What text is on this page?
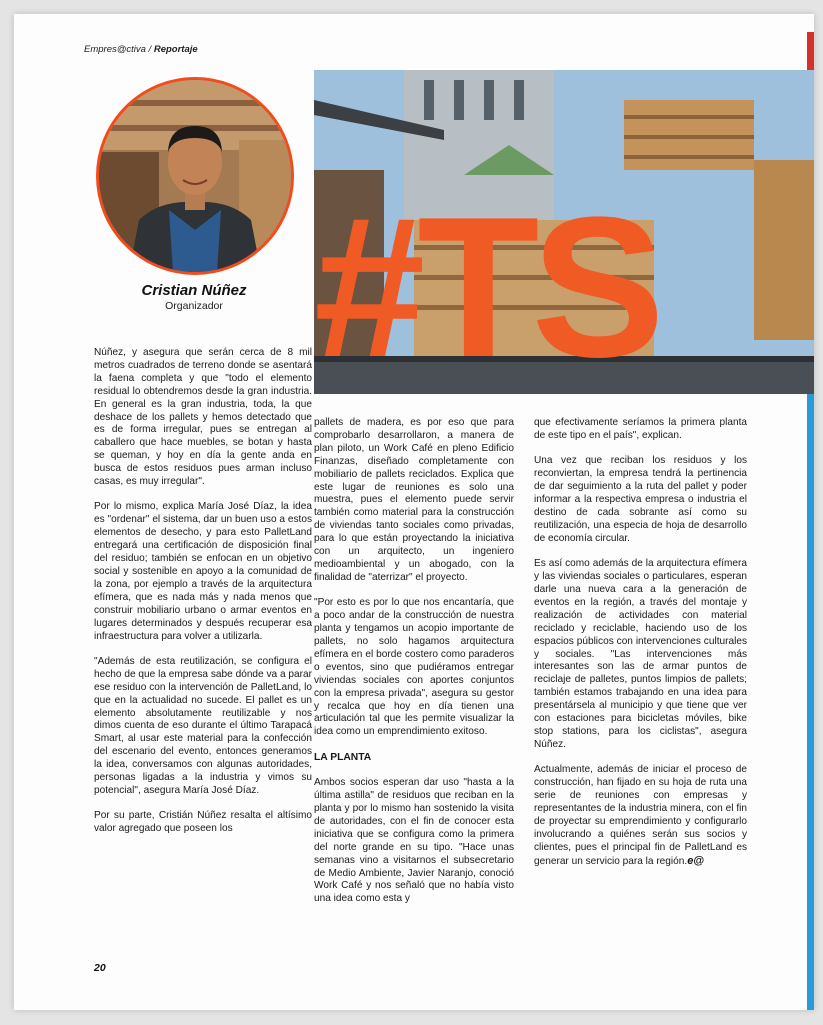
Empres@ctiva / Reportaje
Cristian Núñez
Organizador #TS

Núñez, y asegura que serán cerca de 8 mil metros cuadrados de terreno donde se asentará la faena completa y que "todo el elemento residual lo obtendremos desde la gran industria. En general es la gran industria, toda, la que deshace de los pallets y hemos detectado que es de forma irregular, pues se entregan al caballero que hace muebles, se botan y hasta se queman, y hoy en día la gente anda en busca de estos residuos pues arman incluso casas, es muy irregular".

Por lo mismo, explica María José Díaz, la idea es "ordenar" el sistema, dar un buen uso a estos elementos de desecho, y para esto PalletLand entregará una certificación de disposición final del residuo; también se enfocan en un objetivo social y sostenible en apoyo a la comunidad de la zona, por ejemplo a través de la arquitectura efímera, que es nada más y nada menos que construir mobiliario urbano o armar eventos en lugares determinados y después recuperar esa infraestructura para volver a utilizarla.

"Además de esta reutilización, se configura el hecho de que la empresa sabe dónde va a parar ese residuo con la intervención de PalletLand, lo que en la actualidad no sucede. El pallet es un elemento absolutamente reutilizable y nos dimos cuenta de eso durante el último Tarapacá Smart, al usar este material para la confección del escenario del evento, entonces generamos la idea, conversamos con algunas autoridades, personas ligadas a la industria y vimos su potencial", asegura María José Díaz.

Por su parte, Cristián Núñez resalta el altísimo valor agregado que poseen los

pallets de madera, es por eso que para comprobarlo desarrollaron, a manera de plan piloto, un Work Café en pleno Edificio Finanzas, diseñado completamente con mobiliario de pallets reciclados. Explica que este lugar de reuniones es solo una muestra, pues el elemento puede servir también como material para la construcción de viviendas tanto sociales como privadas, para lo que están proyectando la iniciativa con un arquitecto, un ingeniero medioambiental y un abogado, con la finalidad de "aterrizar" el proyecto.

"Por esto es por lo que nos encantaría, que a poco andar de la construcción de nuestra planta y tengamos un acopio importante de pallets, no solo hagamos arquitectura efímera en el borde costero como paraderos o eventos, sino que pudiéramos entregar viviendas sociales con aportes conjuntos con la empresa privada", asegura su gestor y recalca que hoy en día tienen una articulación tal que les permite visualizar la idea como un emprendimiento exitoso.

LA PLANTA

Ambos socios esperan dar uso "hasta a la última astilla" de residuos que reciban en la planta y por lo mismo han sostenido la visita de autoridades, con el fin de conocer esta iniciativa que se configura como la primera del norte grande en su tipo. "Hace unas semanas vino a visitarnos el subsecretario de Medio Ambiente, Javier Naranjo, conoció Work Café y nos señaló que no había visto una idea como esta y

que efectivamente seríamos la primera planta de este tipo en el país", explican.

Una vez que reciban los residuos y los reconviertan, la empresa tendrá la pertinencia de dar seguimiento a la ruta del pallet y poder informar a la respectiva empresa o industria el destino de cada sobrante así como su reutilización, una especia de hoja de desarrollo de economía circular.

Es así como además de la arquitectura efímera y las viviendas sociales o particulares, esperan darle una nueva cara a la generación de eventos en la región, a través del montaje y realización de actividades con material reciclado y reciclable, haciendo uso de los espacios públicos con intervenciones culturales y sociales. "Las intervenciones más interesantes son las de armar puntos de reciclaje de palletes, puntos limpios de pallets; también estamos trabajando en una idea para presentársela al municipio y que tiene que ver con estaciones para bicicletas móviles, bike stop stations, para los ciclistas", asegura Núñez.

Actualmente, además de iniciar el proceso de construcción, han fijado en su hoja de ruta una serie de reuniones con empresas y representantes de la industria minera, con el fin de proyectar su emprendimiento y configurarlo involucrando a quiénes serán sus socios y clientes, pues el principal fin de PalletLand es generar un servicio para la región.e@

20
